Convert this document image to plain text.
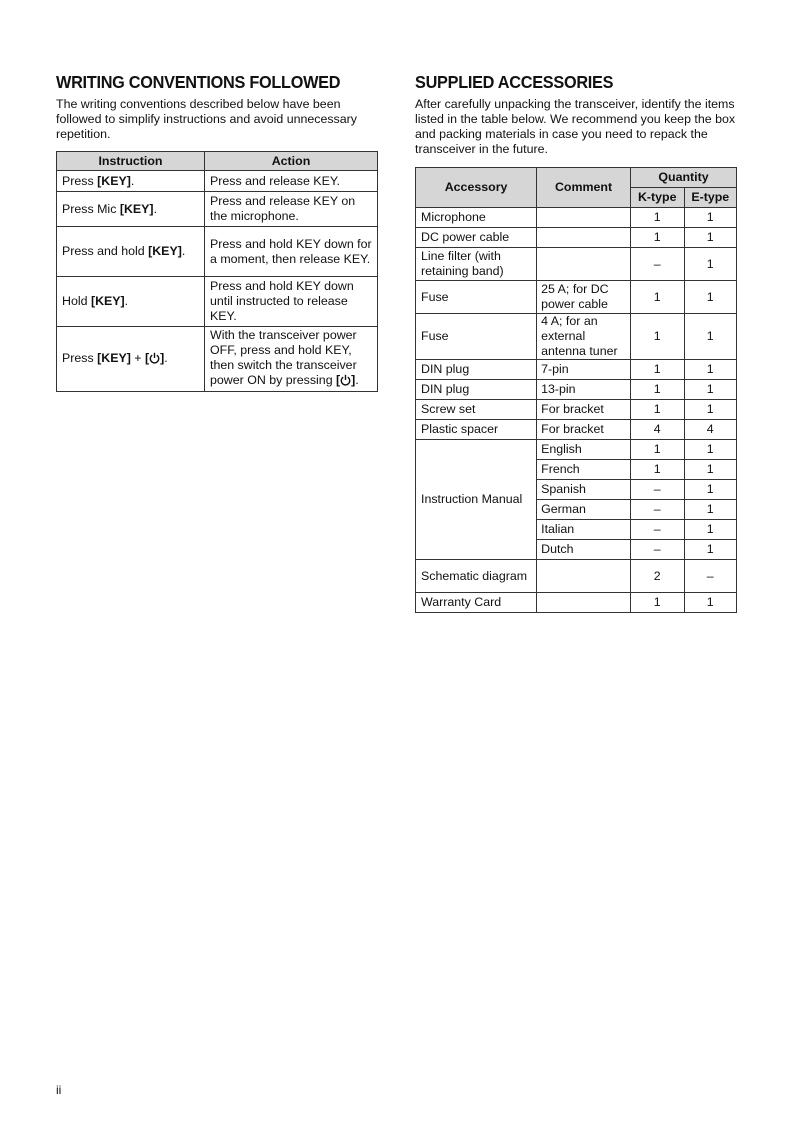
WRITING CONVENTIONS FOLLOWED

The writing conventions described below have been followed to simplify instructions and avoid unnecessary repetition.

Instruction	Action
Press [KEY].	Press and release KEY.
Press Mic [KEY].	Press and release KEY on the microphone.
Press and hold [KEY].	Press and hold KEY down for a moment, then release KEY.
Hold [KEY].	Press and hold KEY down until instructed to release KEY.
Press [KEY] + [ ].	With the transceiver power OFF, press and hold KEY, then switch the transceiver power ON by pressing [ ].
SUPPLIED ACCESSORIES

After carefully unpacking the transceiver, identify the items listed in the table below. We recommend you keep the box and packing materials in case you need to repack the transceiver in the future.

Accessory	Comment	Quantity	
		K-type	E-type
Microphone		1	1
DC power cable		1	1
Line filter (with retaining band)		–	1
Fuse	25 A; for DC power cable	1	1
Fuse	4 A; for an external antenna tuner	1	1
DIN plug	7-pin	1	1
DIN plug	13-pin	1	1
Screw set	For bracket	1	1
Plastic spacer	For bracket	4	4
Instruction Manual	English	1	1
	French	1	1
	Spanish	–	1
	German	–	1
	Italian	–	1
	Dutch	–	1
Schematic diagram		2	–
Warranty Card		1	1
ii
